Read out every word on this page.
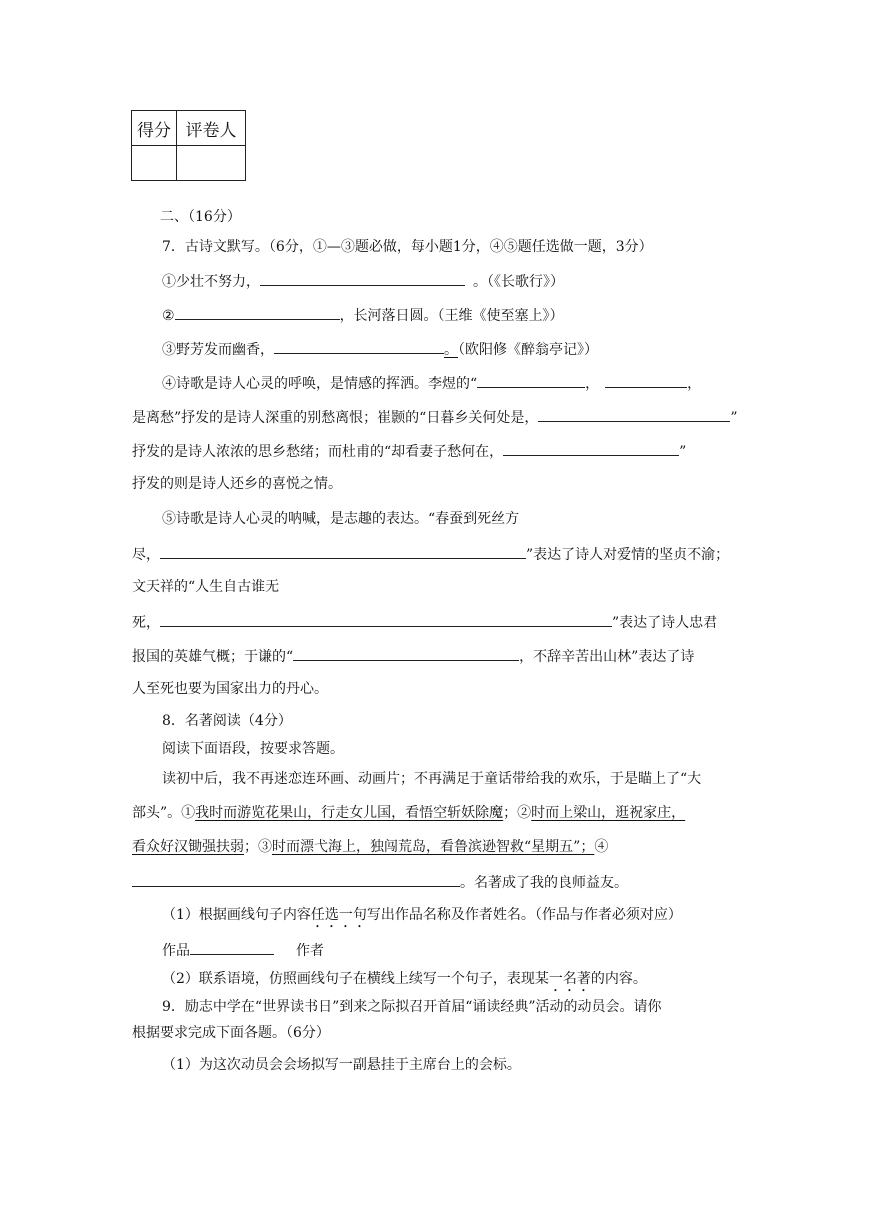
得分	评卷人

二、（16分）
7．古诗文默写。（6分，①—③题必做，每小题1分，④⑤题任选做一题，3分）
①少壮不努力，	。（《长歌行》）
②	，长河落日圆。（王维《使至塞上》）
③野芳发而幽香，	。（欧阳修《醉翁亭记》）
④诗歌是诗人心灵的呼唤，是情感的挥洒。李煜的“	，	，
是离愁”抒发的是诗人深重的别愁离恨；崔颢的“日暮乡关何处是，	”
抒发的是诗人浓浓的思乡愁绪；而杜甫的“却看妻子愁何在，	”
抒发的则是诗人还乡的喜悦之情。
⑤诗歌是诗人心灵的呐喊，是志趣的表达。“春蚕到死丝方
尽，	”表达了诗人对爱情的坚贞不渝；
文天祥的“人生自古谁无
死，	”表达了诗人忠君
报国的英雄气概；于谦的“	，不辞辛苦出山林”表达了诗
人至死也要为国家出力的丹心。
8．名著阅读（4分）
阅读下面语段，按要求答题。
读初中后，我不再迷恋连环画、动画片；不再满足于童话带给我的欢乐，于是瞄上了“大
部头”。①我时而游览花果山，行走女儿国，看悟空斩妖除魔；②时而上梁山，逛祝家庄，
看众好汉锄强扶弱；③时而漂弋海上，独闯荒岛，看鲁滨逊智救“星期五”；④
。名著成了我的良师益友。
（1）根据画线句子内容任选一句写出作品名称及作者姓名。（作品与作者必须对应）
作品	作者
（2）联系语境，仿照画线句子在横线上续写一个句子，表现某一名著的内容。
9．励志中学在“世界读书日”到来之际拟召开首届“诵读经典”活动的动员会。请你
根据要求完成下面各题。（6分）
（1）为这次动员会会场拟写一副悬挂于主席台上的会标。
